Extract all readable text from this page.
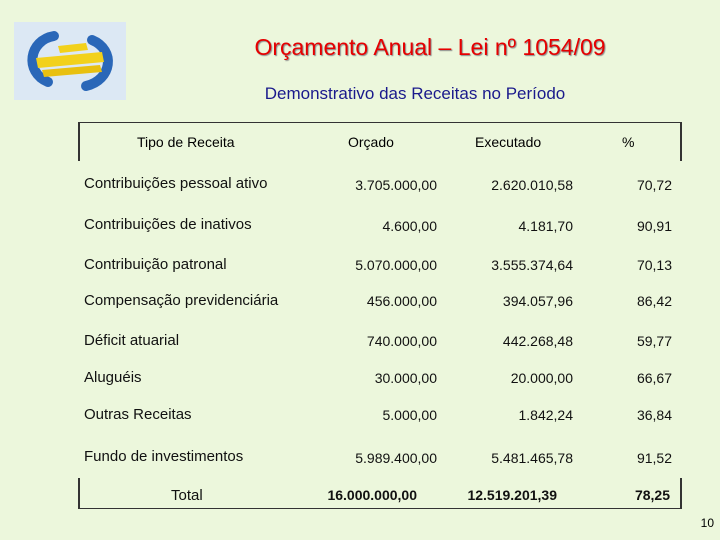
Orçamento Anual – Lei nº 1054/09
Demonstrativo das Receitas no Período
Tipo de Receita	Orçado	Executado	%
Contribuições pessoal ativo	3.705.000,00	2.620.010,58	70,72
Contribuições de inativos	4.600,00	4.181,70	90,91
Contribuição patronal	5.070.000,00	3.555.374,64	70,13
Compensação previdenciária	456.000,00	394.057,96	86,42
Déficit atuarial	740.000,00	442.268,48	59,77
Aluguéis	30.000,00	20.000,00	66,67
Outras Receitas	5.000,00	1.842,24	36,84
Fundo de investimentos	5.989.400,00	5.481.465,78	91,52
Total	16.000.000,00	12.519.201,39	78,25
10
